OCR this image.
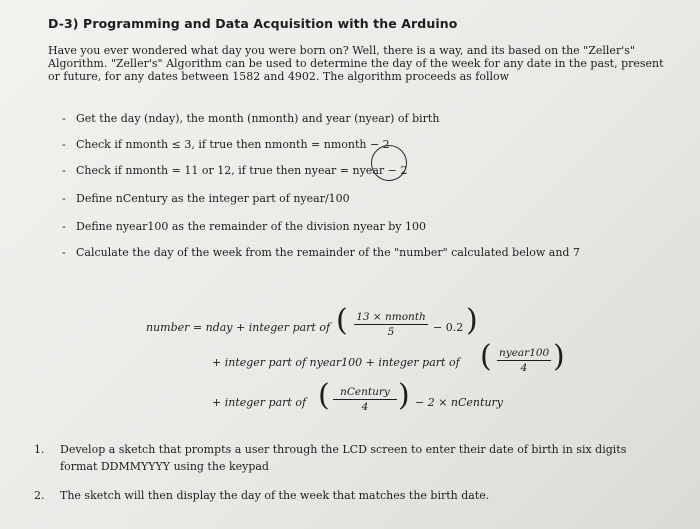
D-3) Programming and Data Acquisition with the Arduino
Have you ever wondered what day you were born on? Well, there is a way, and its based on the "Zeller's"
Algorithm. "Zeller's" Algorithm can be used to determine the day of the week for any date in the past, present
or future, for any dates between 1582 and 4902. The algorithm proceeds as follow
- Get the day (nday), the month (nmonth) and year (nyear) of birth
- Check if nmonth ≤ 3, if true then nmonth = nmonth − 2
- Check if nmonth = 11 or 12, if true then nyear = nyear − 2
- Define nCentury as the integer part of nyear/100
- Define nyear100 as the remainder of the division nyear by 100
- Calculate the day of the week from the remainder of the "number" calculated below and 7
number = nday + integer part of ( 13 × nmonth
5	− 0.2 )
+ integer part of nyear100 + integer part of ( nyear100
4 )
+ integer part of ( nCentury
4 ) − 2 × nCentury
1. Develop a sketch that prompts a user through the LCD screen to enter their date of birth in six digits
format DDMMYYYY using the keypad
2. The sketch will then display the day of the week that matches the birth date.
